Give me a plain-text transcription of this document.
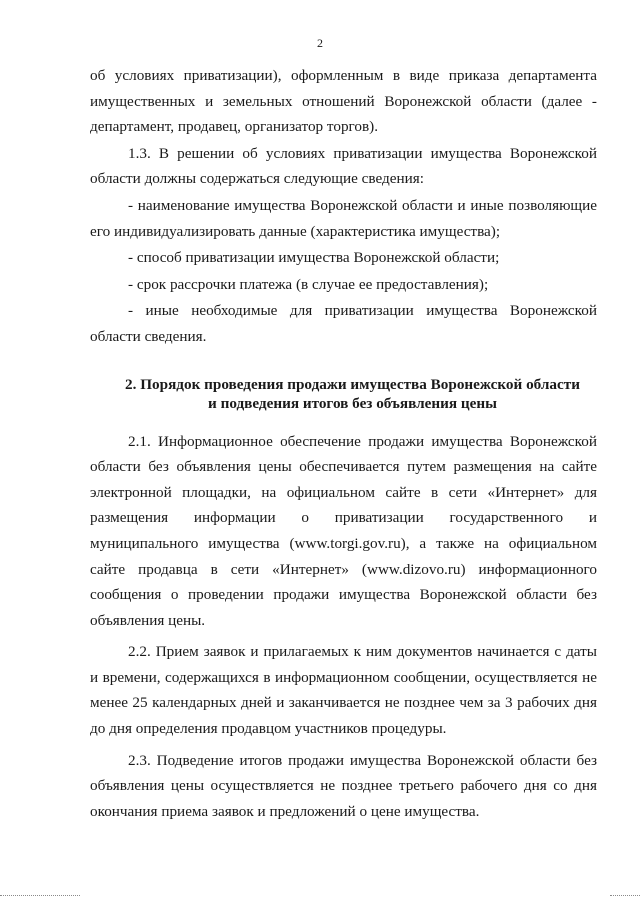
2

об условиях приватизации), оформленным в виде приказа департамента имущественных и земельных отношений Воронежской области (далее - департамент, продавец, организатор торгов).

1.3. В решении об условиях приватизации имущества Воронежской области должны содержаться следующие сведения:

- наименование имущества Воронежской области и иные позволяющие его индивидуализировать данные (характеристика имущества);

- способ приватизации имущества Воронежской области;

- срок рассрочки платежа (в случае ее предоставления);

- иные необходимые для приватизации имущества Воронежской области сведения.

2. Порядок проведения продажи имущества Воронежской области
и подведения итогов без объявления цены

2.1. Информационное обеспечение продажи имущества Воронежской области без объявления цены обеспечивается путем размещения на сайте электронной площадки, на официальном сайте в сети «Интернет» для размещения информации о приватизации государственного и муниципального имущества (www.torgi.gov.ru), а также на официальном сайте продавца в сети «Интернет» (www.dizovo.ru) информационного сообщения о проведении продажи имущества Воронежской области без объявления цены.

2.2. Прием заявок и прилагаемых к ним документов начинается с даты и времени, содержащихся в информационном сообщении, осуществляется не менее 25 календарных дней и заканчивается не позднее чем за 3 рабочих дня до дня определения продавцом участников процедуры.

2.3. Подведение итогов продажи имущества Воронежской области без объявления цены осуществляется не позднее третьего рабочего дня со дня окончания приема заявок и предложений о цене имущества.
